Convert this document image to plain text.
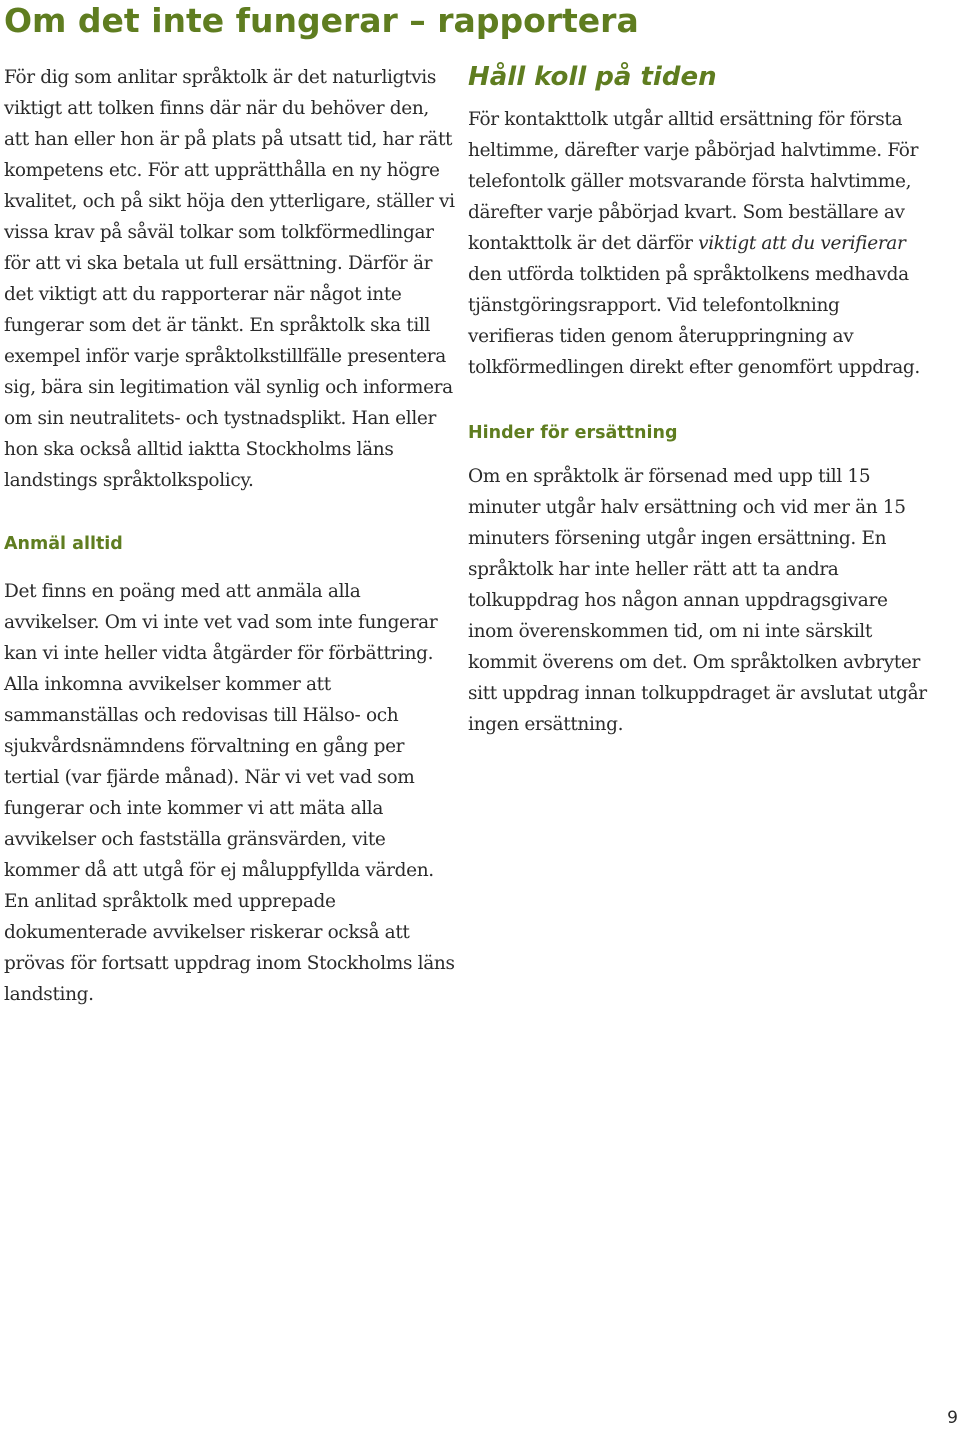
Om det inte fungerar – rapportera

För dig som anlitar språktolk är det naturligtvis viktigt att tolken finns där när du behöver den, att han eller hon är på plats på utsatt tid, har rätt kompetens etc. För att upprätthålla en ny högre kvalitet, och på sikt höja den ytterligare, ställer vi vissa krav på såväl tolkar som tolkförmedlingar för att vi ska betala ut full ersättning. Därför är det viktigt att du rapporterar när något inte fungerar som det är tänkt. En språktolk ska till exempel inför varje språktolkstillfälle presentera sig, bära sin legitimation väl synlig och informera om sin neutralitets- och tystnadsplikt. Han eller hon ska också alltid iaktta Stockholms läns landstings språktolkspolicy.

Anmäl alltid

Det finns en poäng med att anmäla alla avvikelser. Om vi inte vet vad som inte fungerar kan vi inte heller vidta åtgärder för förbättring. Alla inkomna avvikelser kommer att sammanställas och redovisas till Hälso- och sjukvårdsnämndens förvaltning en gång per tertial (var fjärde månad). När vi vet vad som fungerar och inte kommer vi att mäta alla avvikelser och fastställa gränsvärden, vite kommer då att utgå för ej måluppfyllda värden. En anlitad språktolk med upprepade dokumenterade avvikelser riskerar också att prövas för fortsatt uppdrag inom Stockholms läns landsting.

Håll koll på tiden

För kontakttolk utgår alltid ersättning för första heltimme, därefter varje påbörjad halvtimme. För telefontolk gäller motsvarande första halvtimme, därefter varje påbörjad kvart. Som beställare av kontakttolk är det därför viktigt att du verifierar den utförda tolktiden på språktolkens medhavda tjänstgöringsrapport. Vid telefontolkning verifieras tiden genom återuppringning av tolkförmedlingen direkt efter genomfört uppdrag.

Hinder för ersättning

Om en språktolk är försenad med upp till 15 minuter utgår halv ersättning och vid mer än 15 minuters försening utgår ingen ersättning. En språktolk har inte heller rätt att ta andra tolkuppdrag hos någon annan uppdragsgivare inom överenskommen tid, om ni inte särskilt kommit överens om det. Om språktolken avbryter sitt uppdrag innan tolkuppdraget är avslutat utgår ingen ersättning.

9
